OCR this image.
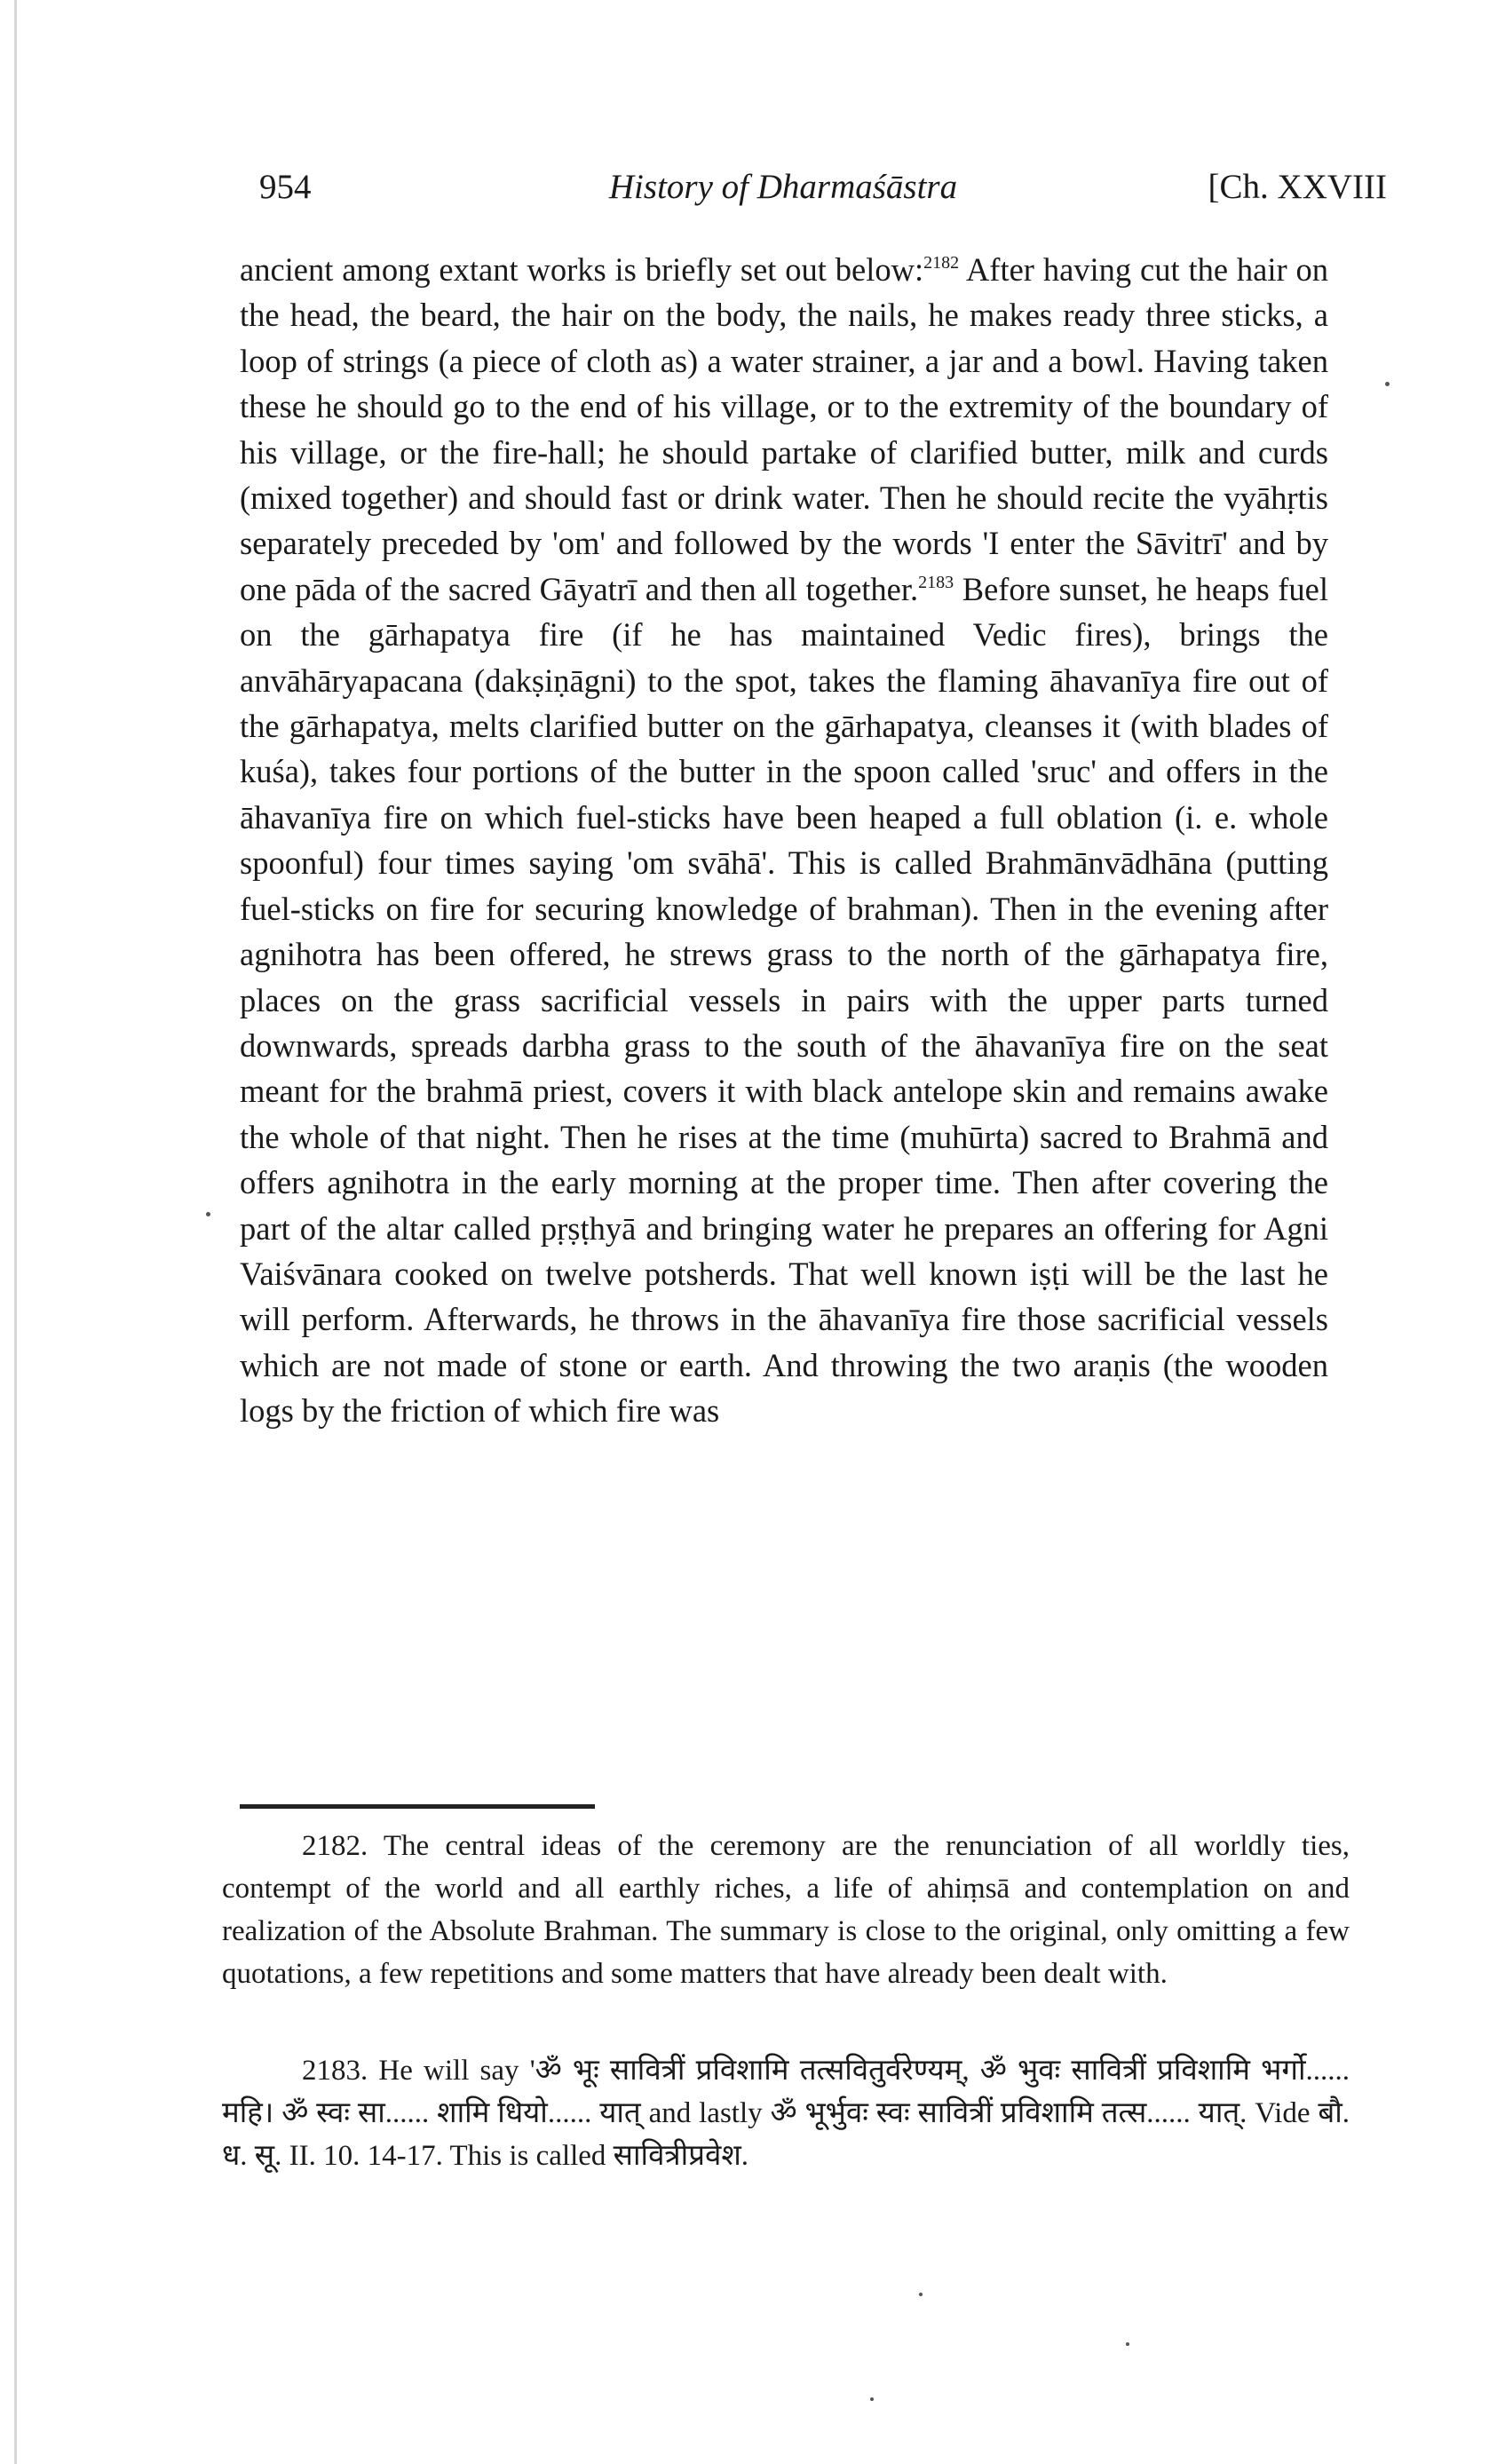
954	History of Dharmaśāstra	[Ch. XXVIII

ancient among extant works is briefly set out below:$^{2182}$ After having cut the hair on the head, the beard, the hair on the body, the nails, he makes ready three sticks, a loop of strings (a piece of cloth as) a water strainer, a jar and a bowl. Having taken these he should go to the end of his village, or to the extremity of the boundary of his village, or the fire-hall; he should partake of clarified butter, milk and curds (mixed together) and should fast or drink water. Then he should recite the vyāhṛtis separately preceded by 'om' and followed by the words 'I enter the Sāvitrī' and by one pāda of the sacred Gāyatrī and then all together.$^{2183}$ Before sunset, he heaps fuel on the gārhapatya fire (if he has maintained Vedic fires), brings the anvāhāryapacana (dakṣiṇāgni) to the spot, takes the flaming āhavanīya fire out of the gārhapatya, melts clarified butter on the gārhapatya, cleanses it (with blades of kuśa), takes four portions of the butter in the spoon called 'sruc' and offers in the āhavanīya fire on which fuel-sticks have been heaped a full oblation (i. e. whole spoonful) four times saying 'om svāhā'. This is called Brahmānvādhāna (putting fuel-sticks on fire for securing knowledge of brahman). Then in the evening after agnihotra has been offered, he strews grass to the north of the gārhapatya fire, places on the grass sacrificial vessels in pairs with the upper parts turned downwards, spreads darbha grass to the south of the āhavanīya fire on the seat meant for the brahmā priest, covers it with black antelope skin and remains awake the whole of that night. Then he rises at the time (muhūrta) sacred to Brahmā and offers agnihotra in the early morning at the proper time. Then after covering the part of the altar called pṛṣṭhyā and bringing water he prepares an offering for Agni Vaiśvānara cooked on twelve potsherds. That well known iṣṭi will be the last he will perform. Afterwards, he throws in the āhavanīya fire those sacrificial vessels which are not made of stone or earth. And throwing the two araṇis (the wooden logs by the friction of which fire was

2182. The central ideas of the ceremony are the renunciation of all worldly ties, contempt of the world and all earthly riches, a life of ahiṃsā and contemplation on and realization of the Absolute Brahman. The summary is close to the original, only omitting a few quotations, a few repetitions and some matters that have already been dealt with.

2183. He will say 'ॐ भूः सावित्रीं प्रविशामि तत्सवितुर्वरेण्यम्, ॐ भुवः सावित्रीं प्रविशामि भर्गो...... महि। ॐ स्वः सा...... शामि धियो...... यात् and lastly ॐ भूर्भुवः स्वः सावित्रीं प्रविशामि तत्स...... यात्. Vide बौ. ध. सू. II. 10. 14-17. This is called सावित्रीप्रवेश.
